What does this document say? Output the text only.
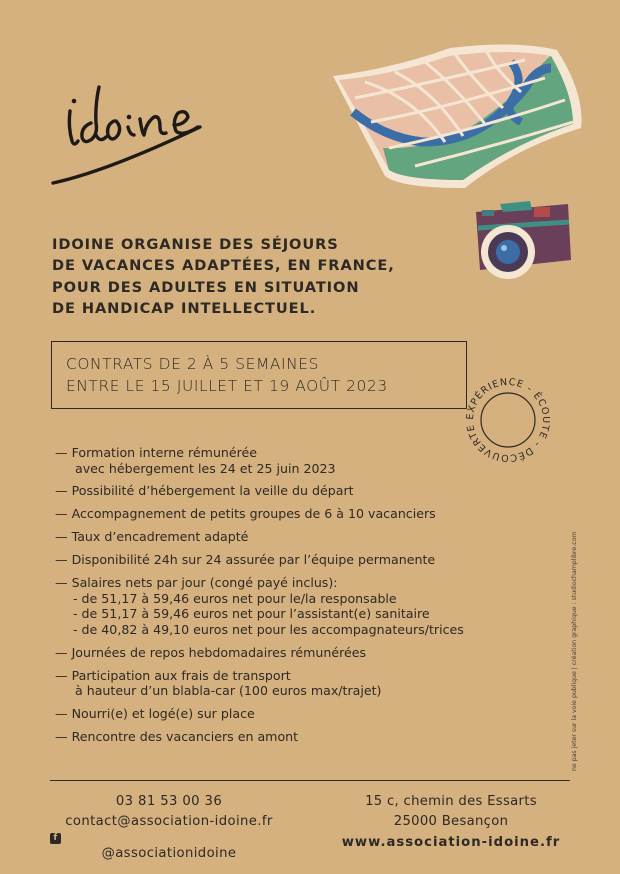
IDOINE ORGANISE DES SÉJOURS
DE VACANCES ADAPTÉES, EN FRANCE,
POUR DES ADULTES EN SITUATION
DE HANDICAP INTELLECTUEL.
CONTRATS DE 2 À 5 SEMAINES
ENTRE LE 15 JUILLET ET 19 AOÛT 2023
EXPÉRIENCE - ÉCOUTE - DÉCOUVERTE
— Formation interne rémunérée
avec hébergement les 24 et 25 juin 2023
— Possibilité d’hébergement la veille du départ
— Accompagnement de petits groupes de 6 à 10 vacanciers
— Taux d’encadrement adapté
— Disponibilité 24h sur 24 assurée par l’équipe permanente
— Salaires nets par jour (congé payé inclus):
- de 51,17 à 59,46 euros net pour le/la responsable
- de 51,17 à 59,46 euros net pour l’assistant(e) sanitaire
- de 40,82 à 49,10 euros net pour les accompagnateurs/trices
— Journées de repos hebdomadaires rémunérées
— Participation aux frais de transport
à hauteur d’un blabla-car (100 euros max/trajet)
— Nourri(e) et logé(e) sur place
— Rencontre des vacanciers en amont	ne pas jeter sur la voie publique | création graphique : studiochamplibre.com
03 81 53 00 36
contact@association-idoine.fr
f
@associationidoine
15 c, chemin des Essarts
25000 Besançon
www.association-idoine.fr
